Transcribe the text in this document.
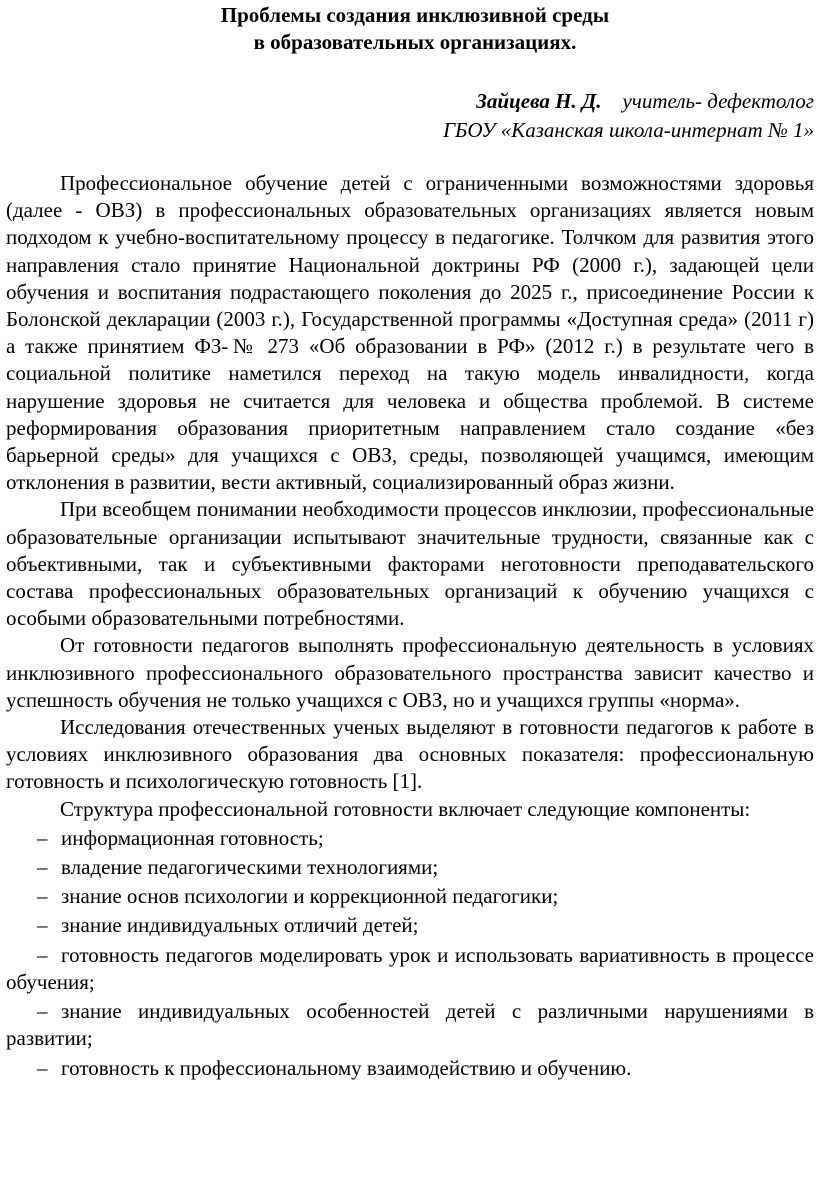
Проблемы создания инклюзивной среды
в образовательных организациях.

Зайцева Н. Д. учитель- дефектолог

ГБОУ «Казанская школа-интернат № 1»

Профессиональное обучение детей с ограниченными возможностями здоровья (далее - ОВЗ) в профессиональных образовательных организациях является новым подходом к учебно-воспитательному процессу в педагогике. Толчком для развития этого направления стало принятие Национальной доктрины РФ (2000 г.), задающей цели обучения и воспитания подрастающего поколения до 2025 г., присоединение России к Болонской декларации (2003 г.), Государственной программы «Доступная среда» (2011 г) а также принятием ФЗ-№ 273 «Об образовании в РФ» (2012 г.) в результате чего в социальной политике наметился переход на такую модель инвалидности, когда нарушение здоровья не считается для человека и общества проблемой. В системе реформирования образования приоритетным направлением стало создание «без барьерной среды» для учащихся с ОВЗ, среды, позволяющей учащимся, имеющим отклонения в развитии, вести активный, социализированный образ жизни.

При всеобщем понимании необходимости процессов инклюзии, профессиональные образовательные организации испытывают значительные трудности, связанные как с объективными, так и субъективными факторами неготовности преподавательского состава профессиональных образовательных организаций к обучению учащихся с особыми образовательными потребностями.

От готовности педагогов выполнять профессиональную деятельность в условиях инклюзивного профессионального образовательного пространства зависит качество и успешность обучения не только учащихся с ОВЗ, но и учащихся группы «норма».

Исследования отечественных ученых выделяют в готовности педагогов к работе в условиях инклюзивного образования два основных показателя: профессиональную готовность и психологическую готовность [1].

Структура профессиональной готовности включает следующие компоненты:

– информационная готовность;
– владение педагогическими технологиями;
– знание основ психологии и коррекционной педагогики;
– знание индивидуальных отличий детей;
– готовность педагогов моделировать урок и использовать вариативность в процессе обучения;
– знание индивидуальных особенностей детей с различными нарушениями в развитии;
– готовность к профессиональному взаимодействию и обучению.
